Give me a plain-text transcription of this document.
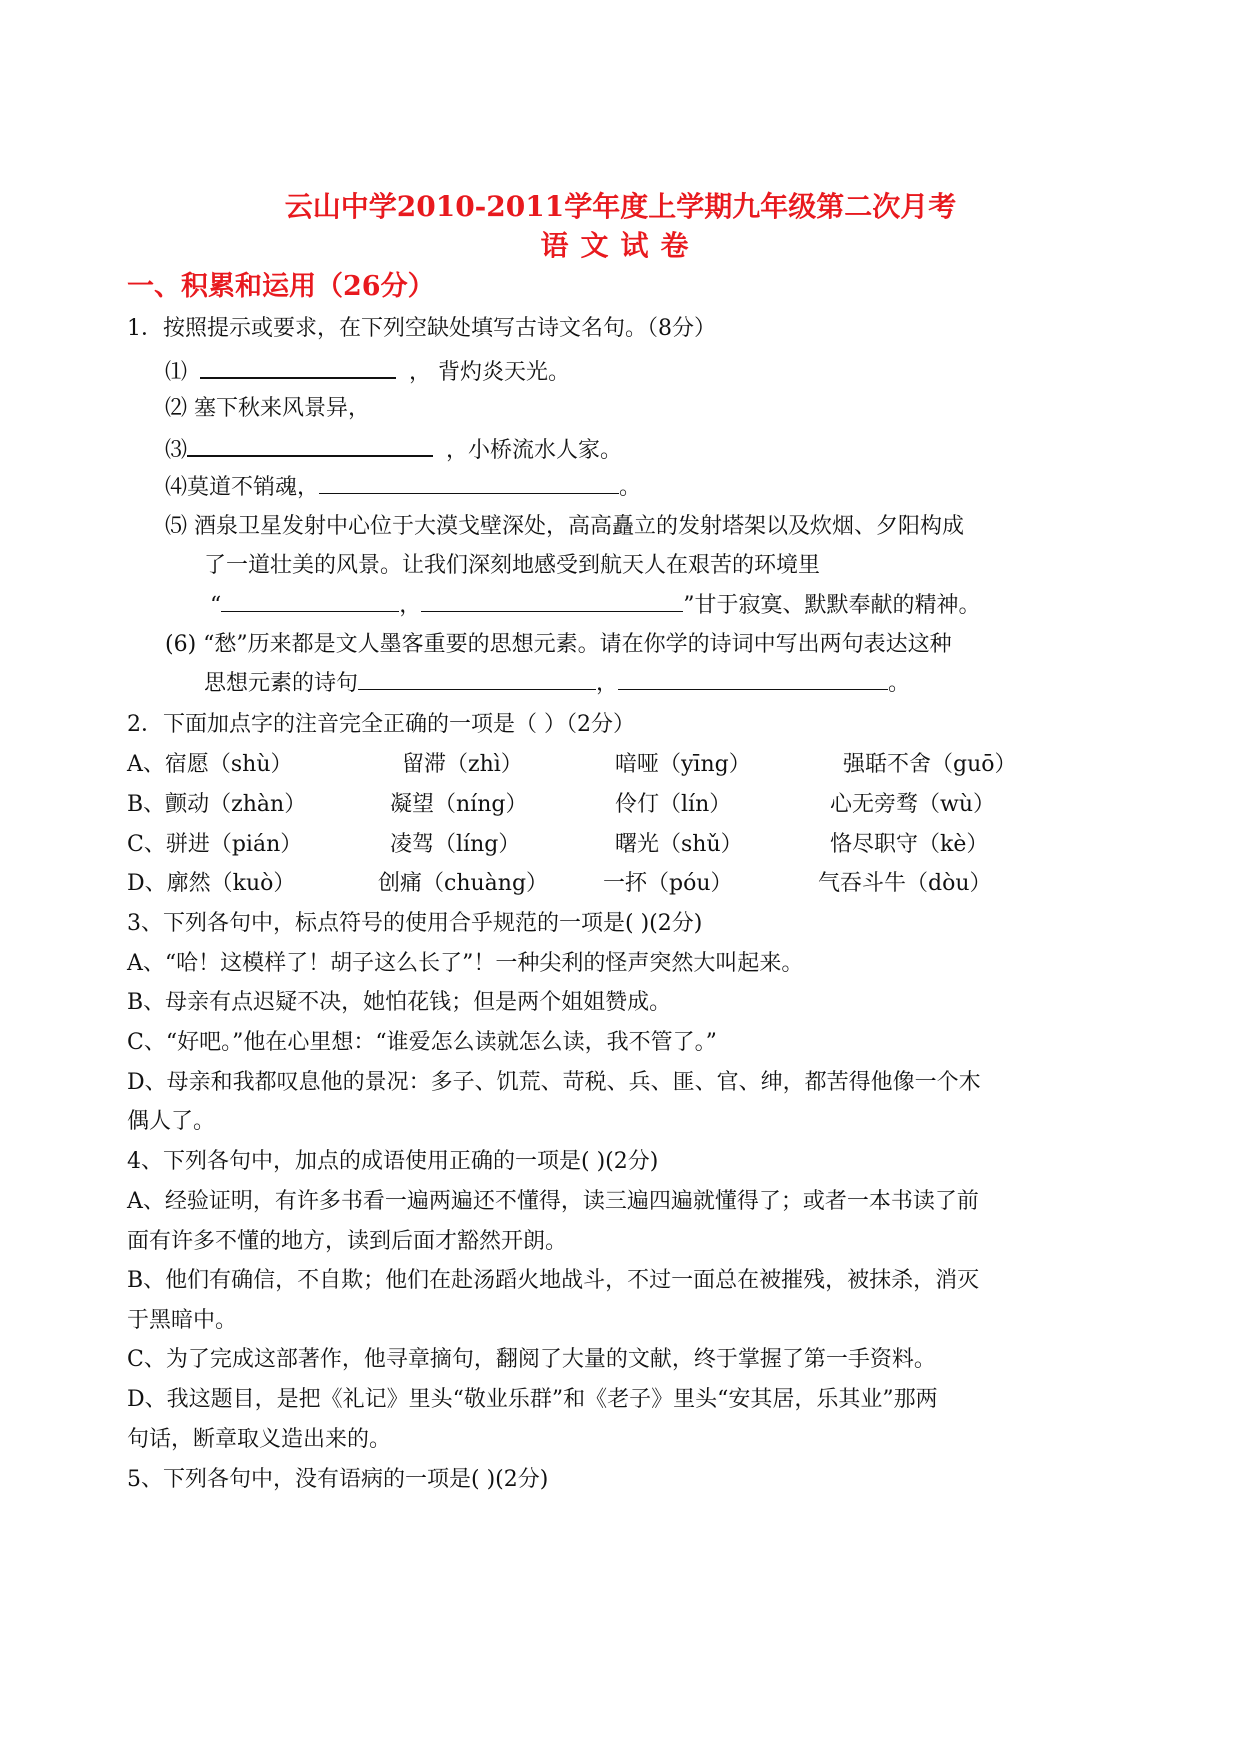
云山中学2010-2011学年度上学期九年级第二次月考
语文试卷
一、积累和运用（26分）
1．按照提示或要求，在下列空缺处填写古诗文名句。（8分）
⑴	， 背灼炎天光。
⑵ 塞下秋来风景异，
⑶	，小桥流水人家。
⑷莫道不销魂，	。
⑸ 酒泉卫星发射中心位于大漠戈壁深处，高高矗立的发射塔架以及炊烟、夕阳构成
了一道壮美的风景。让我们深刻地感受到航天人在艰苦的环境里
“	，	”甘于寂寞、默默奉献的精神。
(6) “愁”历来都是文人墨客重要的思想元素。请在你学的诗词中写出两句表达这种
思想元素的诗句	，	。
2．下面加点字的注音完全正确的一项是（ ）（2分）
A、宿愿（shù）	留滞（zhì）	喑哑（yīng）	强聒不舍（guō）
B、颤动（zhàn）	凝望（níng）	伶仃（lín）	心无旁骛（wù）
C、骈进（pián）	凌驾（líng）	曙光（shǔ）	恪尽职守（kè）
D、廓然（kuò）	创痛（chuàng） 一抔（póu）	气吞斗牛（dòu）
3、下列各句中，标点符号的使用合乎规范的一项是( )(2分)
A、“哈！这模样了！胡子这么长了”！一种尖利的怪声突然大叫起来。
B、母亲有点迟疑不决，她怕花钱；但是两个姐姐赞成。
C、“好吧。”他在心里想：“谁爱怎么读就怎么读，我不管了。”
D、母亲和我都叹息他的景况：多子、饥荒、苛税、兵、匪、官、绅，都苦得他像一个木
偶人了。
4、下列各句中，加点的成语使用正确的一项是( )(2分)
A、经验证明，有许多书看一遍两遍还不懂得，读三遍四遍就懂得了；或者一本书读了前
面有许多不懂的地方，读到后面才豁然开朗。
B、他们有确信，不自欺；他们在赴汤蹈火地战斗，不过一面总在被摧残，被抹杀，消灭
于黑暗中。
C、为了完成这部著作，他寻章摘句，翻阅了大量的文献，终于掌握了第一手资料。
D、我这题目，是把《礼记》里头“敬业乐群”和《老子》里头“安其居，乐其业”那两
句话，断章取义造出来的。
5、下列各句中，没有语病的一项是( )(2分)
